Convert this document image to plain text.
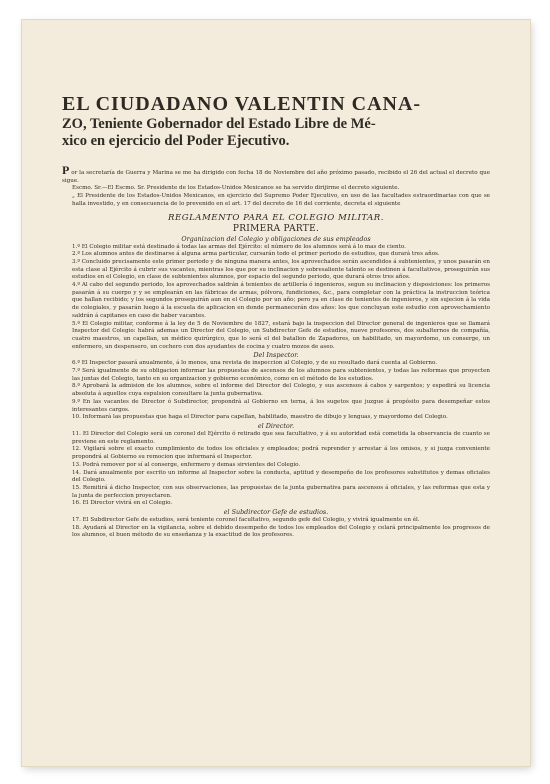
EL CIUDADANO VALENTIN CANA-

ZO, Teniente Gobernador del Estado Libre de Mé-

xico en ejercicio del Poder Ejecutivo.

P or la secretaría de Guerra y Marina se me ha dirigido con fecha 18 de Noviembre del año próximo pasado, recibido el 26 del actual el decreto que sigue.

Escmo. Sr.—El Escmo. Sr. Presidente de los Estados-Unidos Mexicanos se ha servido dirijirme el decreto siguiente.

„ El Presidente de los Estados-Unidos Mexicanos, en ejercicio del Supremo Poder Ejecutivo, en uso de las facultades estraordinarias con que se halla investido, y en consecuencia de lo prevenido en el art. 17 del decreto de 16 del corriente, decreta el siguiente

REGLAMENTO PARA EL COLEGIO MILITAR.

PRIMERA PARTE.

Organizacion del Colegio y obligaciones de sus empleados

1.º El Colegio militar está destinado á todas las armas del Ejército: el número de los alumnos será á lo mas de ciento.

2.º Los alumnos antes de destinarse á alguna arma particular, cursarán todo el primer periodo de estudios, que durará tres años.

3.º Concluido precisamente este primer periodo y de ninguna manera antes, los aprovechados serán ascendidos á subtenientes, y unos pasarán en esta clase al Ejército á cubrir sus vacantes, mientras los que por su inclinacion y sobresaliente talento se destinen á facultativos, proseguirán sus estudios en el Colegio, en clase de subtenientes alumnos, por espacio del segundo periodo, que durará otros tres años.

4.º Al cabo del segundo periodo, los aprovechados saldrán á tenientes de artillería ó ingenieros, segun su inclinacion y disposiciones: los primeros pasarán á su cuerpo y y se emplearán en las fábricas de armas, pólvora, fundiciones, &c., para completar con la práctica la instruccion teórica que hallan recibido; y los segundos proseguirán aun en el Colegio por un año; pero ya en clase de tenientes de ingenieros, y sin sujecion á la vida de colegiales, y pasarán luego á la escuela de aplicacion en donde permanecerán dos años: los que concluyan este estudio con aprovechamiento saldrán á capitanes en caso de haber vacantes.

5.º El Colegio militar, conforme á la ley de 5 de Noviembre de 1827, estará bajo la inspeccion del Director general de ingenieros que se llamará Inspector del Colegio: habrá ademas un Director del Colegio, un Subdirector Gefe de estudios, nueve profesores, dos subalternos de compañía, cuatro maestros, un capellan, un médico quirúrgico, que lo será el del batallon de Zapadores, un habilitado, un mayordomo, un conserge, un enfermero, un despensero, un cochero con dos ayudantes de cocina y cuatro mozos de aseo.

Del Inspector.

6.º El Inspector pasará anualmente, á lo menos, una revista de inspeccion al Colegio, y de su resultado dará cuenta al Gobierno.

7.º Será igualmente de su obligacion informar las propuestas de ascensos de los alumnos para subtenientes, y todas las reformas que proyecten las juntas del Colegio, tanto en su organizacion y gobierno económico, como en el método de los estudios.

8.º Aprobará la admision de los alumnos, sobre el informe del Director del Colegio, y sus ascensos á cabos y sargentos; y espedirá su licencia absoluta á aquellos cuya espulsion consultare la junta gubernativa.

9.º En las vacantes de Director ó Subdirector, propondrá al Gobierno en terna, á los sugetos que juzgue á propósito para desempeñar estos interesantes cargos.

10. Informará las propuestas que haga el Director para capellan, habilitado, maestro de dibujo y lenguas, y mayordomo del Colegio.

el Director.

11. El Director del Colegio será un coronel del Ejército ó retirado que sea facultativo, y á su autoridad está cometida la observancia de cuanto se previene en este reglamento.

12. Vigilará sobre el exacto cumplimiento de todos los oficiales y empleados; podrá reprender y arrestar á los omisos, y si juzga conveniente propondrá al Gobierno su remocion que informará el Inspector.

13. Podrá remover por sí al conserge, enfermero y demas sirvientes del Colegio.

14. Dará anualmente por escrito un informe al Inspector sobre la conducta, aptitud y desempeño de los profesores substitutos y demas oficiales del Colegio.

15. Remitirá á dicho Inspector, con sus observaciones, las propuestas de la junta gubernativa para ascensos á oficiales, y las reformas que esta y la junta de perfeccion proyectaren.

16. El Director vivirá en el Colegio.

el Subdirector Gefe de estudios.

17. El Subdirector Gefe de estudios, será teniente coronel facultativo, segundo gefe del Colegio, y vivirá igualmente en él.

18. Ayudará al Director en la vigilancia, sobre el debido desempeño de todos los empleados del Colegio y celará principalmente los progresos de los alumnos, el buen método de su enseñanza y la exactitud de los profesores.
